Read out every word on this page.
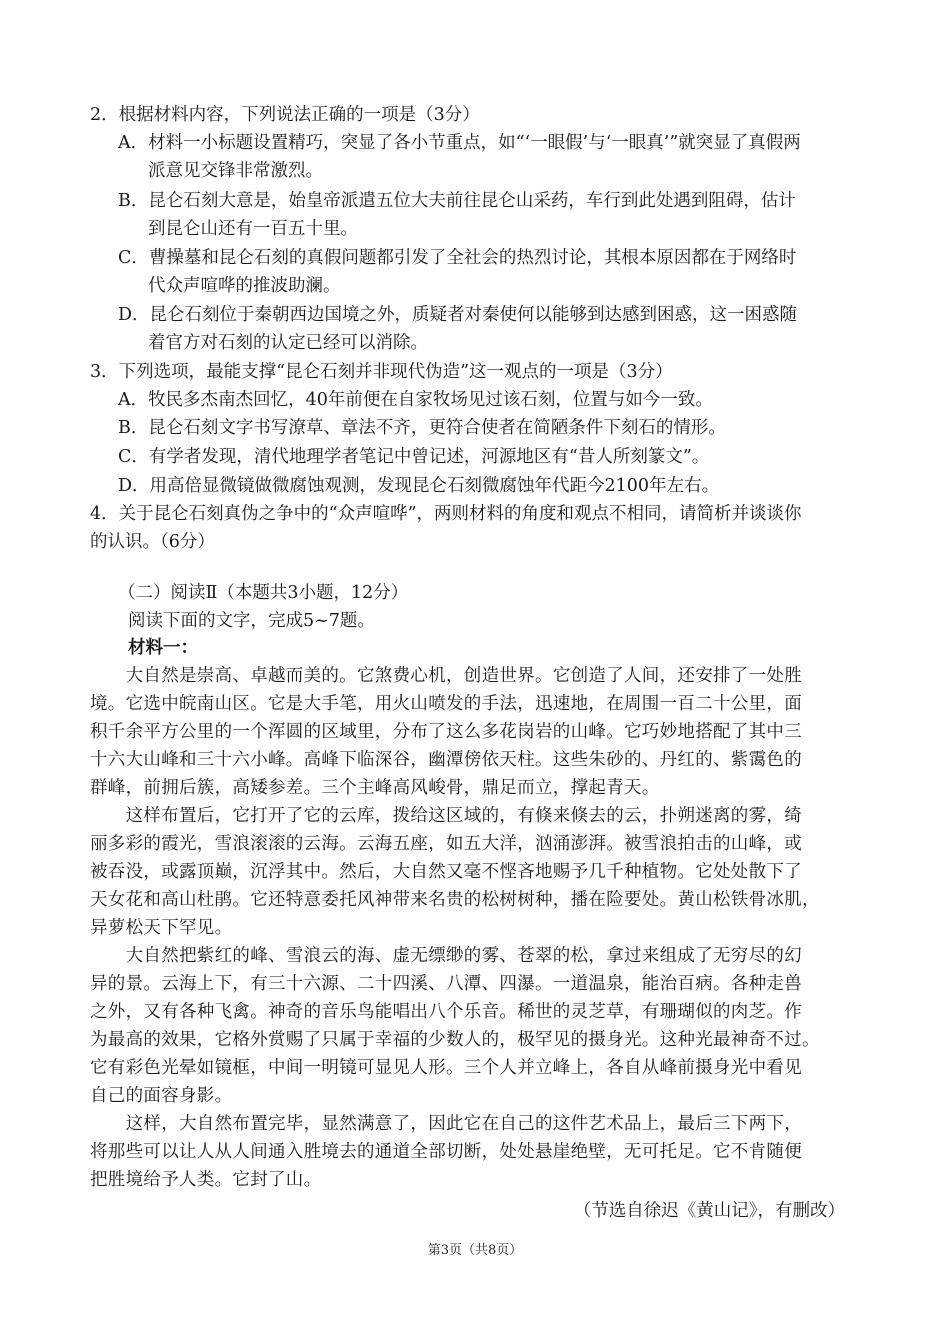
2．根据材料内容，下列说法正确的一项是（3分）
A．材料一小标题设置精巧，突显了各小节重点，如“‘一眼假’与‘一眼真’”就突显了真假两
派意见交锋非常激烈。
B．昆仑石刻大意是，始皇帝派遣五位大夫前往昆仑山采药，车行到此处遇到阻碍，估计
到昆仑山还有一百五十里。
C．曹操墓和昆仑石刻的真假问题都引发了全社会的热烈讨论，其根本原因都在于网络时
代众声喧哗的推波助澜。
D．昆仑石刻位于秦朝西边国境之外，质疑者对秦使何以能够到达感到困惑，这一困惑随
着官方对石刻的认定已经可以消除。
3．下列选项，最能支撑“昆仑石刻并非现代伪造”这一观点的一项是（3分）
A．牧民多杰南杰回忆，40年前便在自家牧场见过该石刻，位置与如今一致。
B．昆仑石刻文字书写潦草、章法不齐，更符合使者在简陋条件下刻石的情形。
C．有学者发现，清代地理学者笔记中曾记述，河源地区有“昔人所刻篆文”。
D．用高倍显微镜做微腐蚀观测，发现昆仑石刻微腐蚀年代距今2100年左右。
4．关于昆仑石刻真伪之争中的“众声喧哗”，两则材料的角度和观点不相同，请简析并谈谈你
的认识。（6分）
（二）阅读Ⅱ（本题共3小题，12分）
阅读下面的文字，完成5~7题。
材料一：
　　大自然是崇高、卓越而美的。它煞费心机，创造世界。它创造了人间，还安排了一处胜
境。它选中皖南山区。它是大手笔，用火山喷发的手法，迅速地，在周围一百二十公里，面
积千余平方公里的一个浑圆的区域里，分布了这么多花岗岩的山峰。它巧妙地搭配了其中三
十六大山峰和三十六小峰。高峰下临深谷，幽潭傍依天柱。这些朱砂的、丹红的、紫霭色的
群峰，前拥后簇，高矮参差。三个主峰高风峻骨，鼎足而立，撑起青天。
　　这样布置后，它打开了它的云库，拨给这区域的，有倏来倏去的云，扑朔迷离的雾，绮
丽多彩的霞光，雪浪滚滚的云海。云海五座，如五大洋，汹涌澎湃。被雪浪拍击的山峰，或
被吞没，或露顶巅，沉浮其中。然后，大自然又毫不悭吝地赐予几千种植物。它处处散下了
天女花和高山杜鹃。它还特意委托风神带来名贵的松树树种，播在险要处。黄山松铁骨冰肌，
异萝松天下罕见。
　　大自然把紫红的峰、雪浪云的海、虚无缥缈的雾、苍翠的松，拿过来组成了无穷尽的幻
异的景。云海上下，有三十六源、二十四溪、八潭、四瀑。一道温泉，能治百病。各种走兽
之外，又有各种飞禽。神奇的音乐鸟能唱出八个乐音。稀世的灵芝草，有珊瑚似的肉芝。作
为最高的效果，它格外赏赐了只属于幸福的少数人的，极罕见的摄身光。这种光最神奇不过。
它有彩色光晕如镜框，中间一明镜可显见人形。三个人并立峰上，各自从峰前摄身光中看见
自己的面容身影。
　　这样，大自然布置完毕，显然满意了，因此它在自己的这件艺术品上，最后三下两下，
将那些可以让人从人间通入胜境去的通道全部切断，处处悬崖绝壁，无可托足。它不肯随便
把胜境给予人类。它封了山。
（节选自徐迟《黄山记》，有删改）
第3页（共8页）
